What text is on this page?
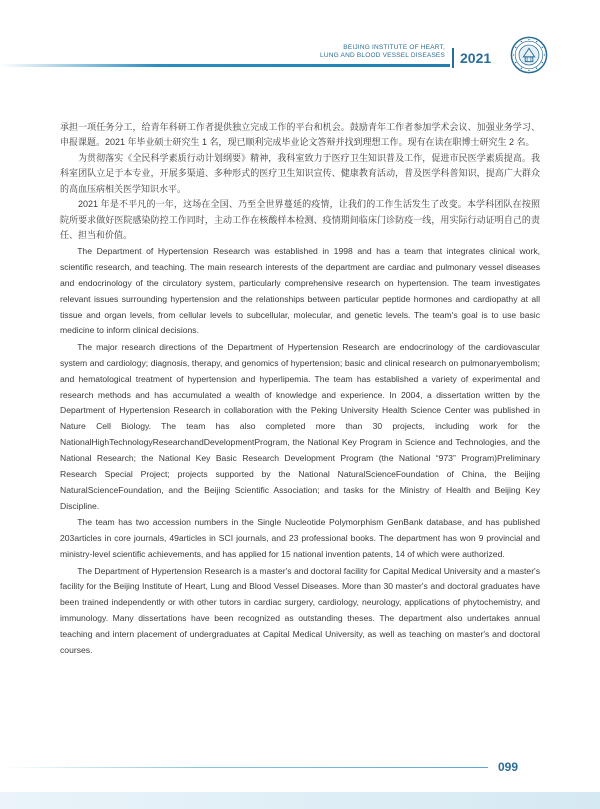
BEIJING INSTITUTE OF HEART,
LUNG AND BLOOD VESSEL DISEASES 2021

承担一项任务分工，给青年科研工作者提供独立完成工作的平台和机会。鼓励青年工作者参加学术会议、加强业务学习、申报课题。2021 年毕业硕士研究生 1 名，现已顺利完成毕业论文答辩并找到理想工作。现有在读在职博士研究生 2 名。

为贯彻落实《全民科学素质行动计划纲要》精神，我科室致力于医疗卫生知识普及工作，促进市民医学素质提高。我科室团队立足于本专业，开展多渠道、多种形式的医疗卫生知识宣传、健康教育活动，普及医学科普知识，提高广大群众的高血压病相关医学知识水平。

2021 年是不平凡的一年，这场在全国、乃至全世界蔓延的疫情，让我们的工作生活发生了改变。本学科团队在按照院所要求做好医院感染防控工作同时，主动工作在核酸样本检测、疫情期间临床门诊防疫一线，用实际行动证明自己的责任、担当和价值。

The Department of Hypertension Research was established in 1998 and has a team that integrates clinical work, scientific research, and teaching. The main research interests of the department are cardiac and pulmonary vessel diseases and endocrinology of the circulatory system, particularly comprehensive research on hypertension. The team investigates relevant issues surrounding hypertension and the relationships between particular peptide hormones and cardiopathy at all tissue and organ levels, from cellular levels to subcellular, molecular, and genetic levels. The team's goal is to use basic medicine to inform clinical decisions.

The major research directions of the Department of Hypertension Research are endocrinology of the cardiovascular system and cardiology; diagnosis, therapy, and genomics of hypertension; basic and clinical research on pulmonaryembolism; and hematological treatment of hypertension and hyperlipemia. The team has established a variety of experimental and research methods and has accumulated a wealth of knowledge and experience. In 2004, a dissertation written by the Department of Hypertension Research in collaboration with the Peking University Health Science Center was published in Nature Cell Biology. The team has also completed more than 30 projects, including work for the NationalHighTechnologyResearchandDevelopmentProgram, the National Key Program in Science and Technologies, and the National Research; the National Key Basic Research Development Program (the National “973” Program)Preliminary Research Special Project; projects supported by the National NaturalScienceFoundation of China, the Beijing NaturalScienceFoundation, and the Beijing Scientific Association; and tasks for the Ministry of Health and Beijing Key Discipline.

The team has two accession numbers in the Single Nucleotide Polymorphism GenBank database, and has published 203articles in core journals, 49articles in SCI journals, and 23 professional books. The department has won 9 provincial and ministry-level scientific achievements, and has applied for 15 national invention patents, 14 of which were authorized.

The Department of Hypertension Research is a master's and doctoral facility for Capital Medical University and a master's facility for the Beijing Institute of Heart, Lung and Blood Vessel Diseases. More than 30 master's and doctoral graduates have been trained independently or with other tutors in cardiac surgery, cardiology, neurology, applications of phytochemistry, and immunology. Many dissertations have been recognized as outstanding theses. The department also undertakes annual teaching and intern placement of undergraduates at Capital Medical University, as well as teaching on master's and doctoral courses.

099
